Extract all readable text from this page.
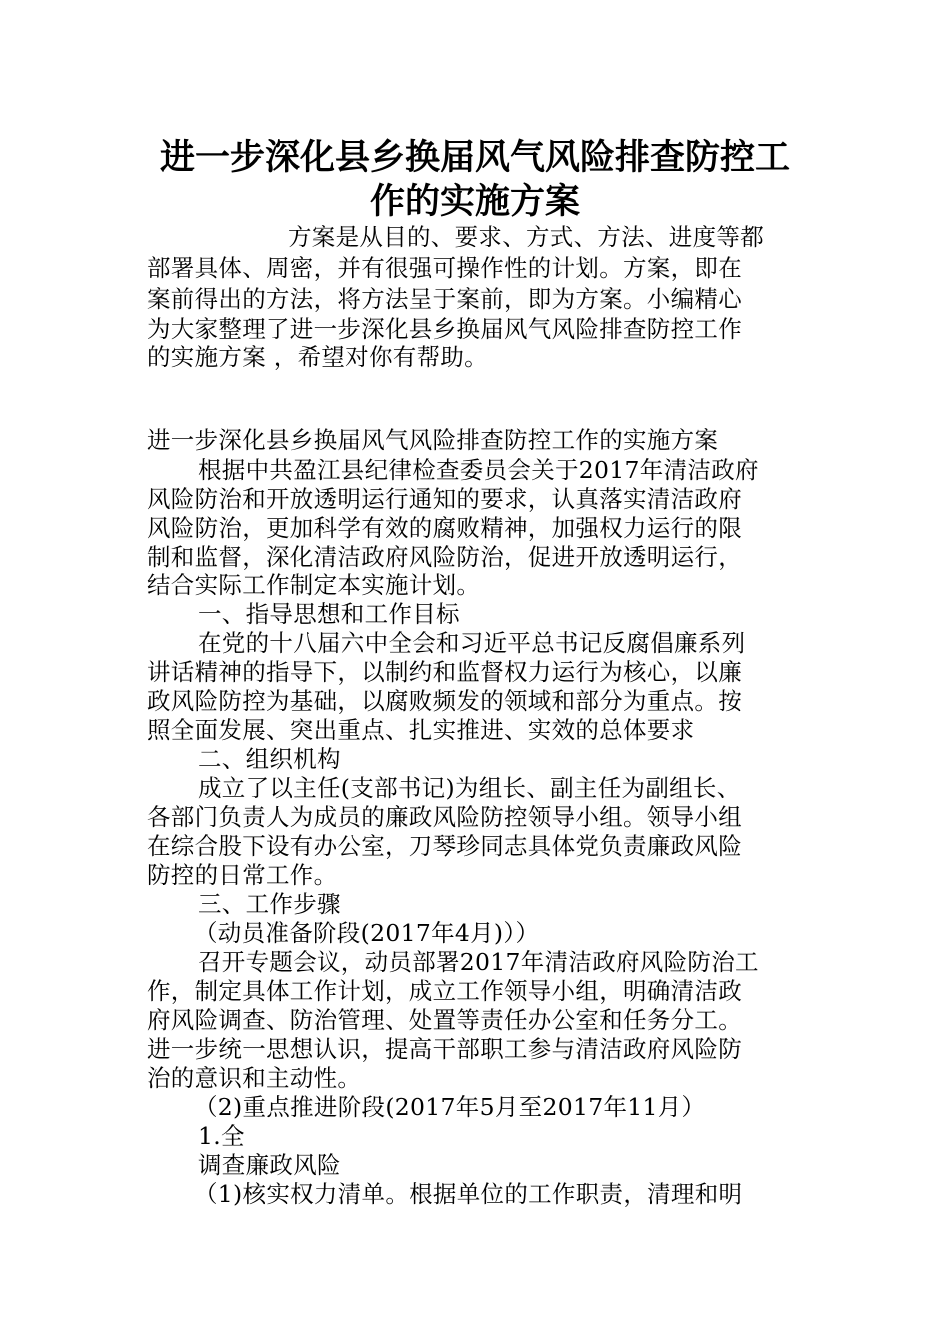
进一步深化县乡换届风气风险排查防控工
作的实施方案
方案是从目的、要求、方式、方法、进度等都
部署具体、周密，并有很强可操作性的计划。方案，即在
案前得出的方法，将方法呈于案前，即为方案。小编精心
为大家整理了进一步深化县乡换届风气风险排查防控工作
的实施方案 ，希望对你有帮助。
进一步深化县乡换届风气风险排查防控工作的实施方案
根据中共盈江县纪律检查委员会关于2017年清洁政府
风险防治和开放透明运行通知的要求，认真落实清洁政府
风险防治，更加科学有效的腐败精神，加强权力运行的限
制和监督，深化清洁政府风险防治，促进开放透明运行，
结合实际工作制定本实施计划。
一、指导思想和工作目标
在党的十八届六中全会和习近平总书记反腐倡廉系列
讲话精神的指导下，以制约和监督权力运行为核心，以廉
政风险防控为基础，以腐败频发的领域和部分为重点。按
照全面发展、突出重点、扎实推进、实效的总体要求
二、组织机构
成立了以主任(支部书记)为组长、副主任为副组长、
各部门负责人为成员的廉政风险防控领导小组。领导小组
在综合股下设有办公室，刀琴珍同志具体党负责廉政风险
防控的日常工作。
三、工作步骤
（动员准备阶段(2017年4月)））
召开专题会议，动员部署2017年清洁政府风险防治工
作，制定具体工作计划，成立工作领导小组，明确清洁政
府风险调查、防治管理、处置等责任办公室和任务分工。
进一步统一思想认识，提高干部职工参与清洁政府风险防
治的意识和主动性。
（2)重点推进阶段(2017年5月至2017年11月）
1.全
调查廉政风险
（1)核实权力清单。根据单位的工作职责，清理和明
